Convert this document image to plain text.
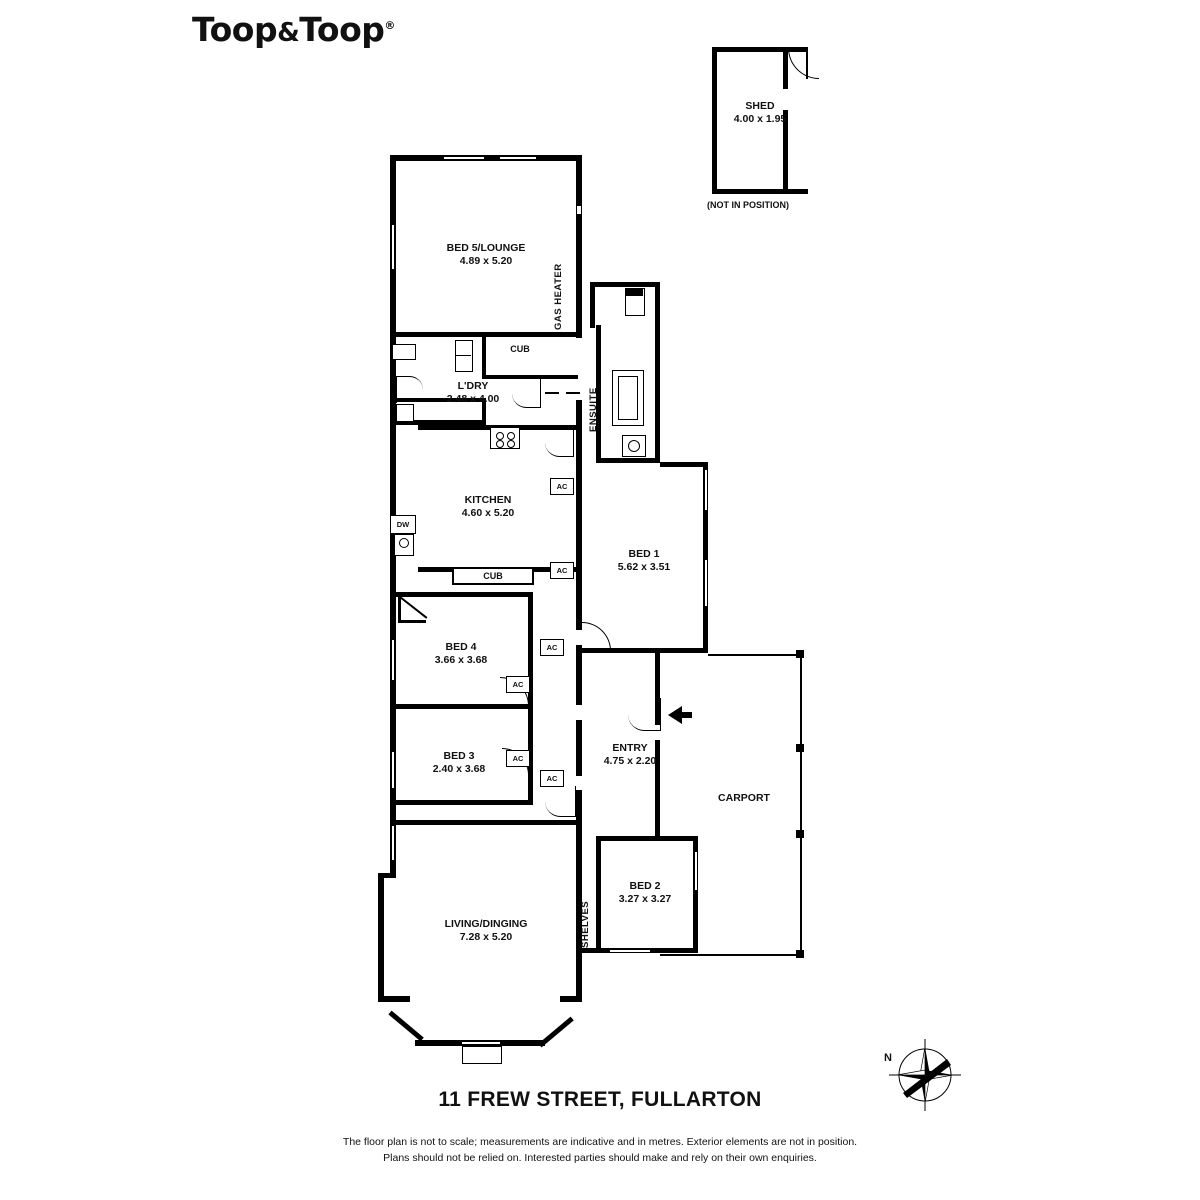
Toop&Toop®
SHED
4.00 x 1.95
(NOT IN POSITION)
BED 5/LOUNGE
4.89 x 5.20
GAS HEATER
CUB
L'DRY
2.48 x 4.00
KITCHEN
4.60 x 5.20
DW
CUB
BED 4
3.66 x 3.68
AC
BED 3
2.40 x 3.68
AC
AC
AC
AC
AC
ENSUITE
BED 1
5.62 x 3.51
ENTRY
4.75 x 2.20
CARPORT
BED 2
3.27 x 3.27
SHELVES
LIVING/DINGING
7.28 x 5.20
N
11 FREW STREET, FULLARTON
The floor plan is not to scale; measurements are indicative and in metres. Exterior elements are not in position.
Plans should not be relied on. Interested parties should make and rely on their own enquiries.
